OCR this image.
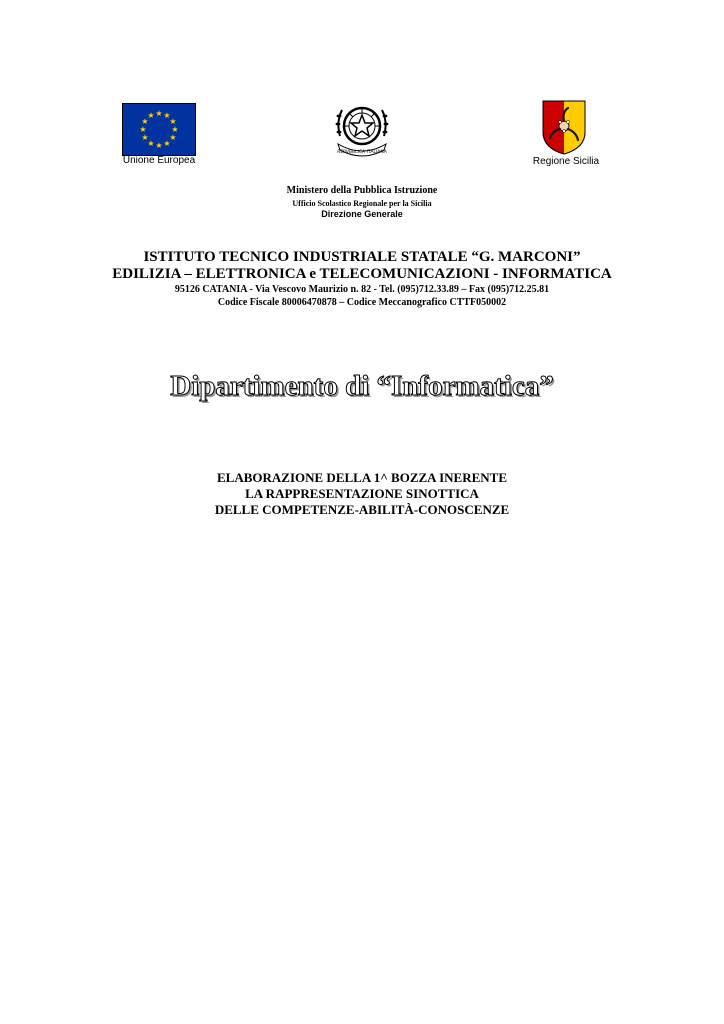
★ ★
★
★
★
★
★
★
★
★
★
★
Unione Europea
REPVBBLICA ITALIANA
Regione Sicilia
Ministero della Pubblica Istruzione
Ufficio Scolastico Regionale per la Sicilia
Direzione Generale
ISTITUTO TECNICO INDUSTRIALE STATALE “G. MARCONI”
EDILIZIA – ELETTRONICA e TELECOMUNICAZIONI - INFORMATICA
95126 CATANIA - Via Vescovo Maurizio n. 82 - Tel. (095)712.33.89 – Fax (095)712.25.81
Codice Fiscale 80006470878 – Codice Meccanografico CTTF050002
Dipartimento di “Informatica”
ELABORAZIONE DELLA 1^ BOZZA INERENTE
LA RAPPRESENTAZIONE SINOTTICA
DELLE COMPETENZE-ABILITÀ-CONOSCENZE
